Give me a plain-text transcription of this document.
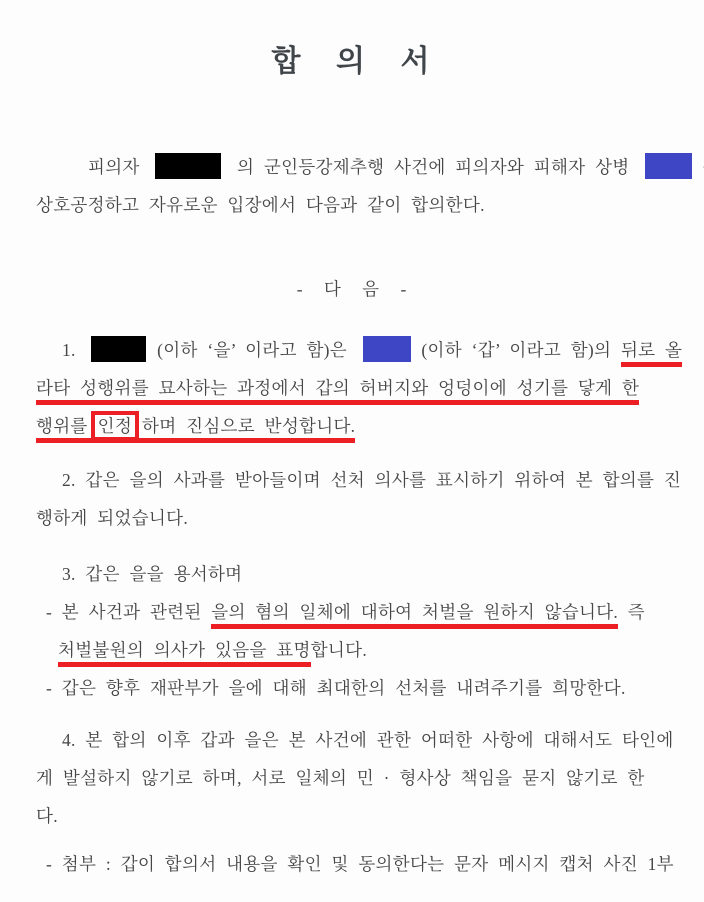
합 의 서
피의자	의 군인등강제추행 사건에 피의자와 피해자 상병
상호공정하고 자유로운 입장에서 다음과 같이 합의한다.
- 다 음 -
1.	(이하 ‘을’ 이라고 함)은	(이하 ‘갑’ 이라고 함)의 뒤로 올
라타 성행위를 묘사하는 과정에서 갑의 허버지와 엉덩이에 성기를 닿게 한
행위를 인정 하며 진심으로 반성합니다.
2. 갑은 을의 사과를 받아들이며 선처 의사를 표시하기 위하여 본 합의를 진
행하게 되었습니다.
3. 갑은 을을 용서하며
- 본 사건과 관련된 을의 혐의 일체에 대하여 처벌을 원하지 않습니다. 즉
처벌불원의 의사가 있음을 표명합니다.
- 갑은 향후 재판부가 을에 대해 최대한의 선처를 내려주기를 희망한다.
4. 본 합의 이후 갑과 을은 본 사건에 관한 어떠한 사항에 대해서도 타인에
게 발설하지 않기로 하며, 서로 일체의 민 · 형사상 책임을 묻지 않기로 한
다.
- 첨부 : 갑이 합의서 내용을 확인 및 동의한다는 문자 메시지 캡처 사진 1부
